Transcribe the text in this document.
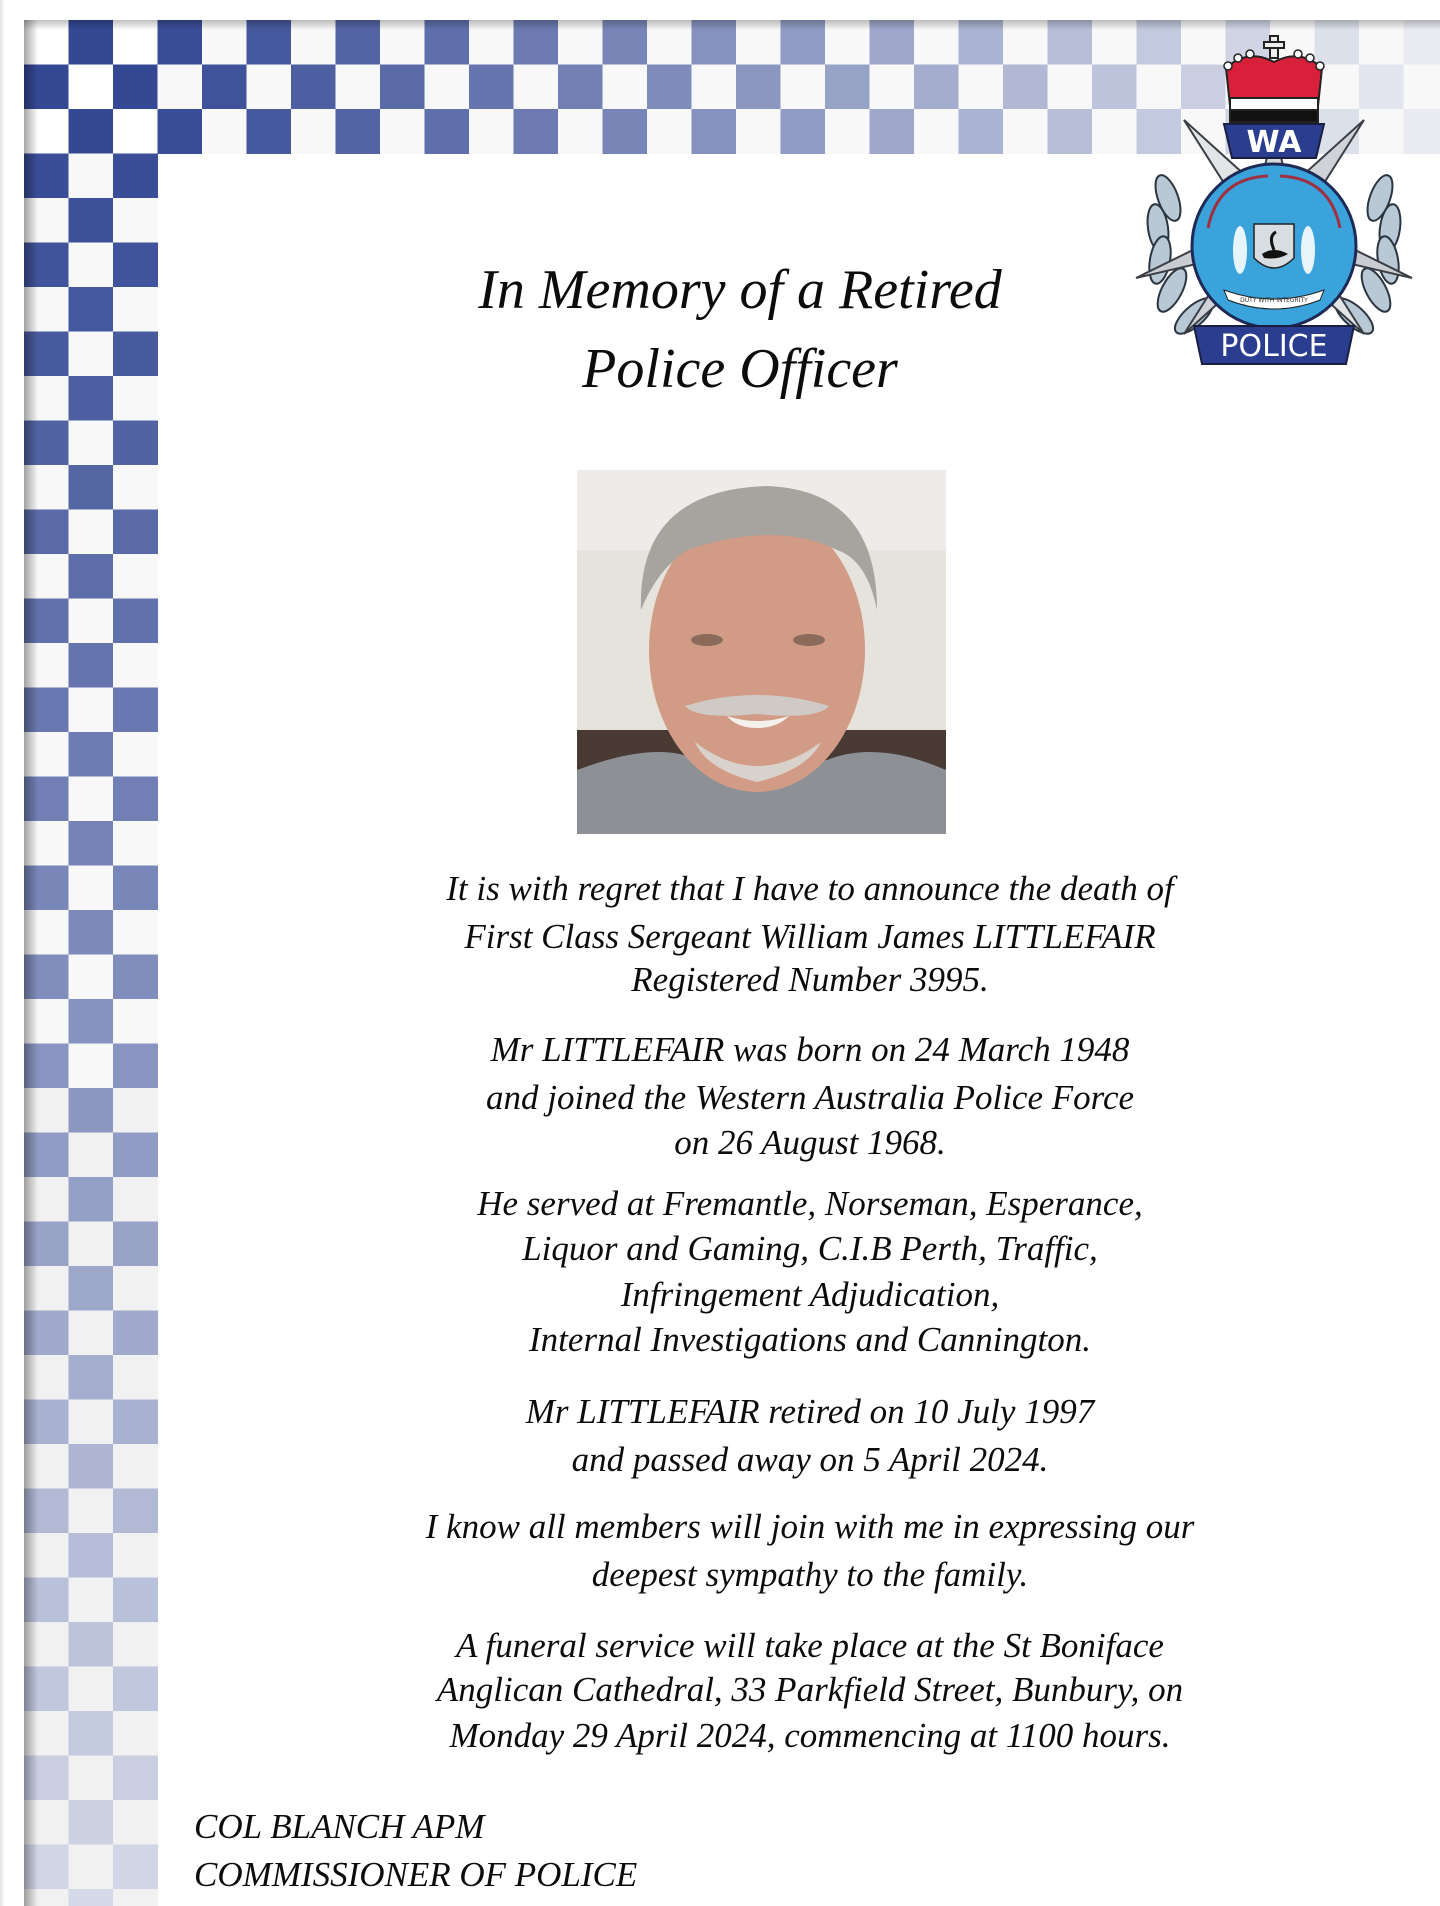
In Memory of a Retired
Police Officer
WA
DUTY WITH INTEGRITY
POLICE
It is with regret that I have to announce the death of
First Class Sergeant William James LITTLEFAIR
Registered Number 3995.
Mr LITTLEFAIR was born on 24 March 1948
and joined the Western Australia Police Force
on 26 August 1968.
He served at Fremantle, Norseman, Esperance,
Liquor and Gaming, C.I.B Perth, Traffic,
Infringement Adjudication,
Internal Investigations and Cannington.
Mr LITTLEFAIR retired on 10 July 1997
and passed away on 5 April 2024.
I know all members will join with me in expressing our
deepest sympathy to the family.
A funeral service will take place at the St Boniface
Anglican Cathedral, 33 Parkfield Street, Bunbury, on
Monday 29 April 2024, commencing at 1100 hours.
COL BLANCH APM
COMMISSIONER OF POLICE
